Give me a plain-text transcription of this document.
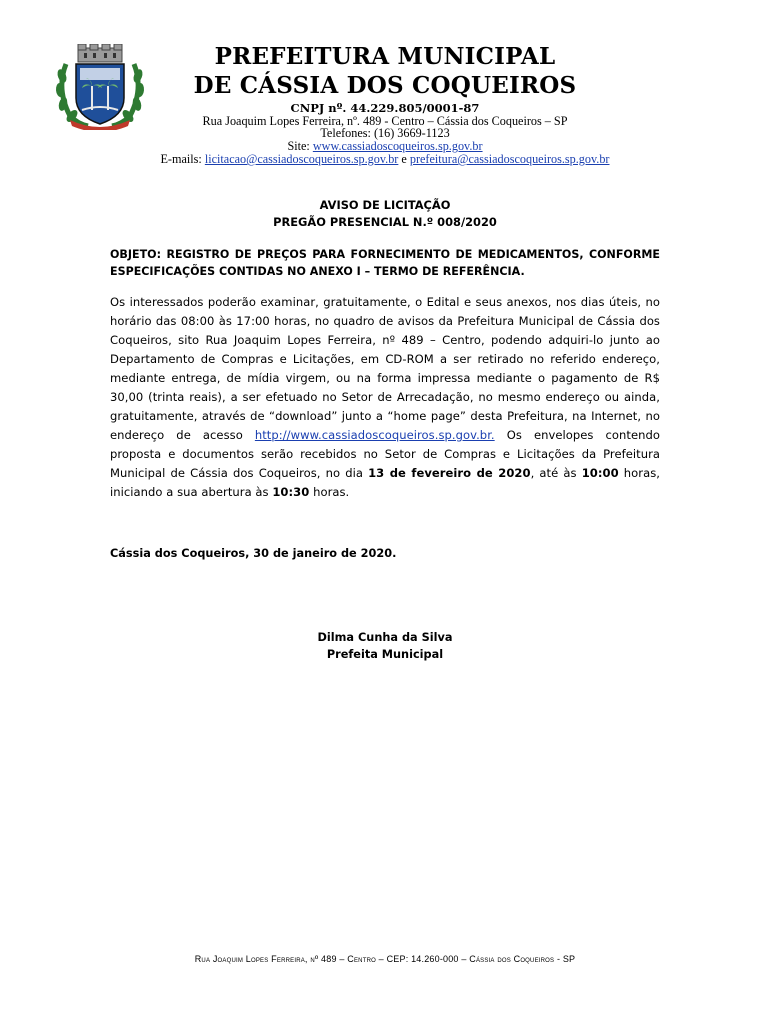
PREFEITURA MUNICIPAL
DE CÁSSIA DOS COQUEIROS
CNPJ nº. 44.229.805/0001-87
Rua Joaquim Lopes Ferreira, nº. 489 - Centro – Cássia dos Coqueiros – SP
Telefones: (16) 3669-1123
Site: www.cassiadoscoqueiros.sp.gov.br
E-mails: licitacao@cassiadoscoqueiros.sp.gov.br e prefeitura@cassiadoscoqueiros.sp.gov.br
AVISO DE LICITAÇÃO
PREGÃO PRESENCIAL N.º 008/2020
OBJETO: REGISTRO DE PREÇOS PARA FORNECIMENTO DE MEDICAMENTOS, CONFORME ESPECIFICAÇÕES CONTIDAS NO ANEXO I – TERMO DE REFERÊNCIA.
Os interessados poderão examinar, gratuitamente, o Edital e seus anexos, nos dias úteis, no horário das 08:00 às 17:00 horas, no quadro de avisos da Prefeitura Municipal de Cássia dos Coqueiros, sito Rua Joaquim Lopes Ferreira, nº 489 – Centro, podendo adquiri-lo junto ao Departamento de Compras e Licitações, em CD-ROM a ser retirado no referido endereço, mediante entrega, de mídia virgem, ou na forma impressa mediante o pagamento de R$ 30,00 (trinta reais), a ser efetuado no Setor de Arrecadação, no mesmo endereço ou ainda, gratuitamente, através de “download” junto a “home page” desta Prefeitura, na Internet, no endereço de acesso http://www.cassiadoscoqueiros.sp.gov.br. Os envelopes contendo proposta e documentos serão recebidos no Setor de Compras e Licitações da Prefeitura Municipal de Cássia dos Coqueiros, no dia 13 de fevereiro de 2020, até às 10:00 horas, iniciando a sua abertura às 10:30 horas.
Cássia dos Coqueiros, 30 de janeiro de 2020.
Dilma Cunha da Silva
Prefeita Municipal
Rua Joaquim Lopes Ferreira, nº 489 – Centro – CEP: 14.260-000 – Cássia dos Coqueiros - SP
